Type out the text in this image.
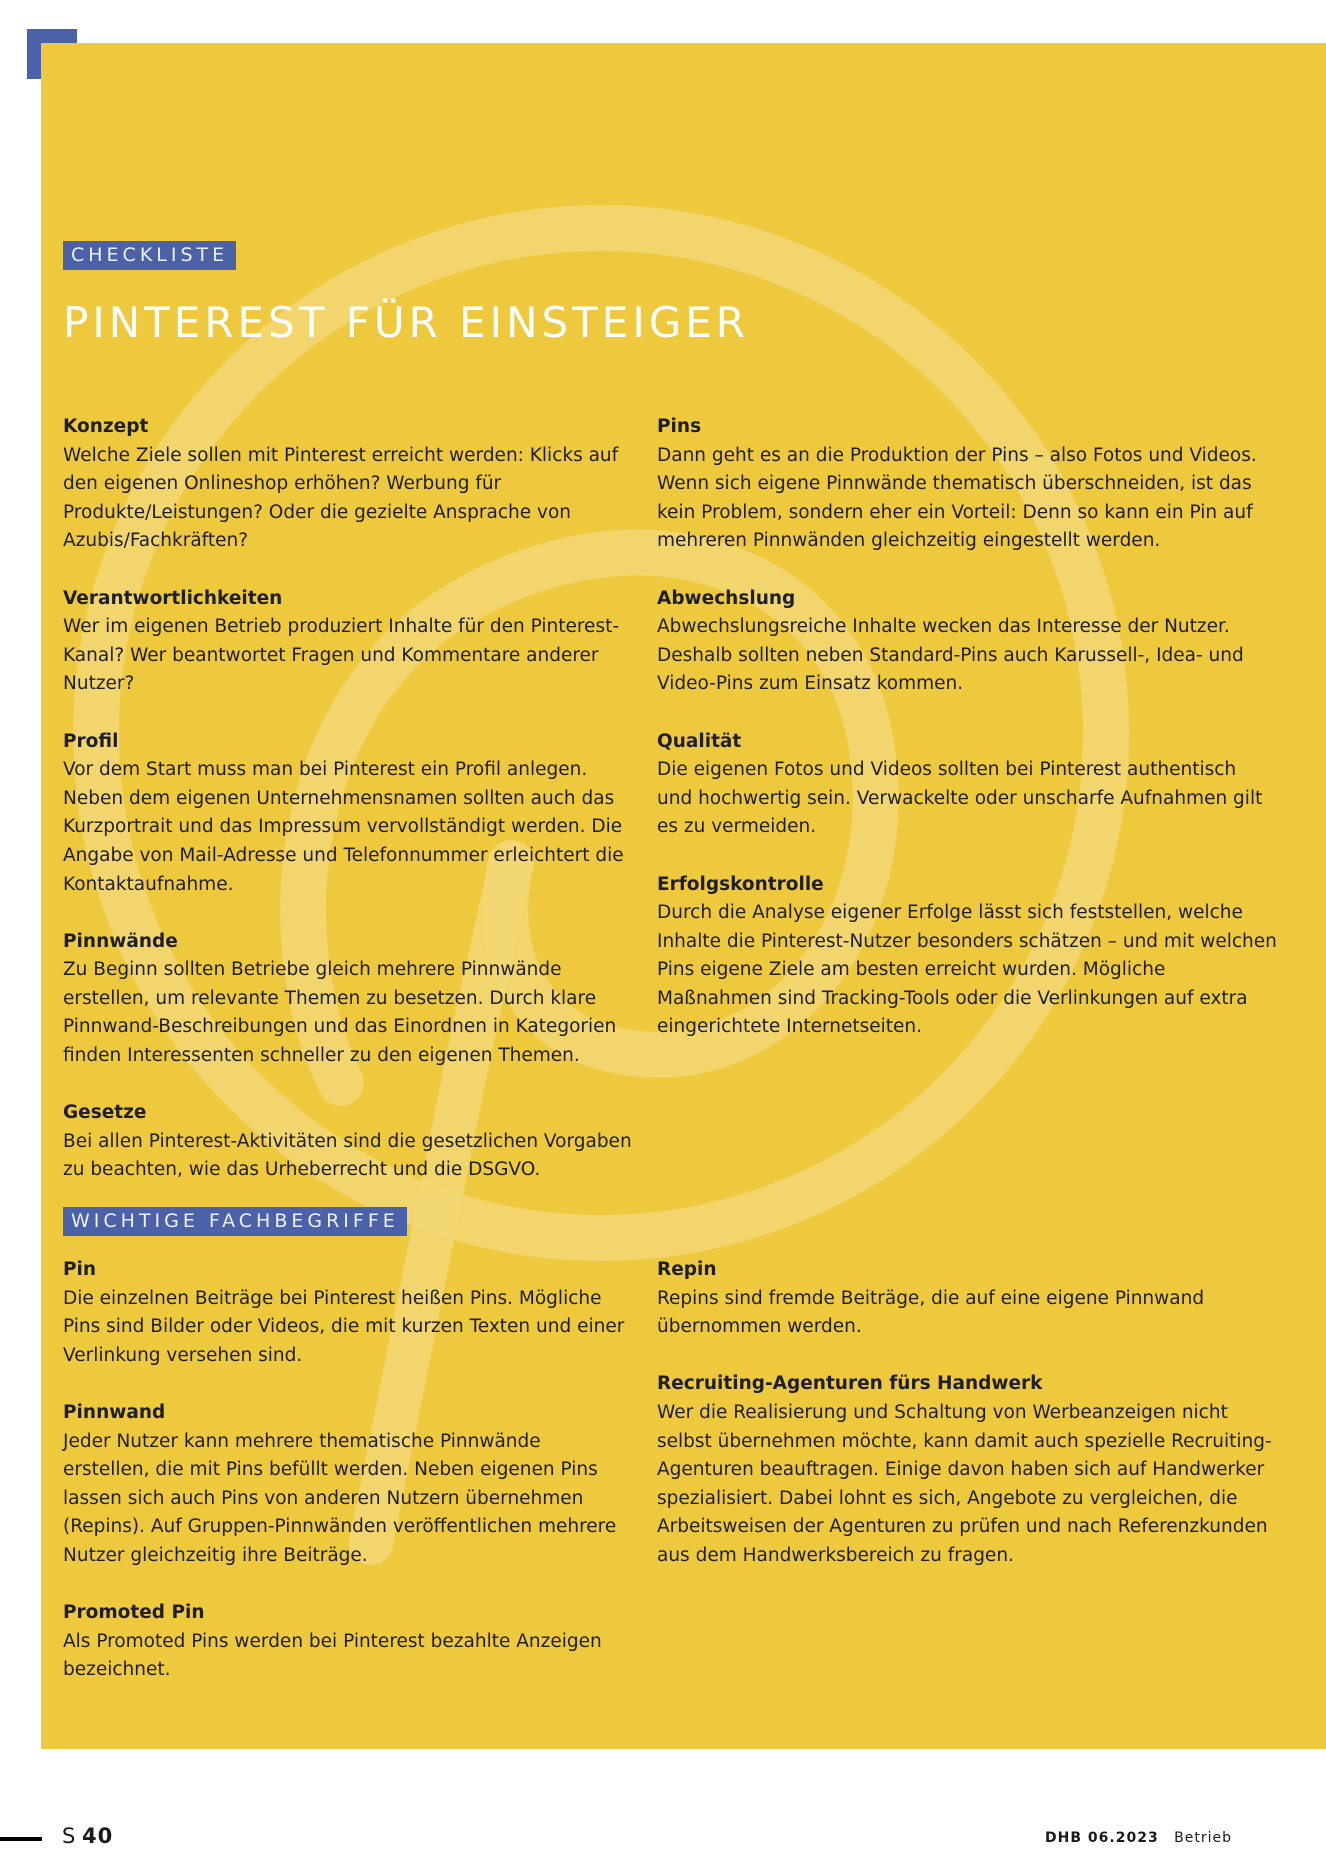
CHECKLISTE
PINTEREST FÜR EINSTEIGER
Konzept
Welche Ziele sollen mit Pinterest erreicht werden: Klicks auf den eigenen Onlineshop erhöhen? Werbung für Produkte/Leistungen? Oder die gezielte Ansprache von Azubis/Fachkräften?
Verantwortlichkeiten
Wer im eigenen Betrieb produziert Inhalte für den Pinterest-Kanal? Wer beantwortet Fragen und Kommentare anderer Nutzer?
Profil
Vor dem Start muss man bei Pinterest ein Profil anlegen. Neben dem eigenen Unternehmensnamen sollten auch das Kurzportrait und das Impressum vervollständigt werden. Die Angabe von Mail-Adresse und Telefonnummer erleichtert die Kontaktaufnahme.
Pinnwände
Zu Beginn sollten Betriebe gleich mehrere Pinnwände erstellen, um relevante Themen zu besetzen. Durch klare Pinnwand-Beschreibungen und das Einordnen in Kategorien finden Interessenten schneller zu den eigenen Themen.
Gesetze
Bei allen Pinterest-Aktivitäten sind die gesetzlichen Vorgaben zu beachten, wie das Urheberrecht und die DSGVO.
Pins
Dann geht es an die Produktion der Pins – also Fotos und Videos. Wenn sich eigene Pinnwände thematisch überschneiden, ist das kein Problem, sondern eher ein Vorteil: Denn so kann ein Pin auf mehreren Pinnwänden gleichzeitig eingestellt werden.
Abwechslung
Abwechslungsreiche Inhalte wecken das Interesse der Nutzer. Deshalb sollten neben Standard-Pins auch Karussell-, Idea- und Video-Pins zum Einsatz kommen.
Qualität
Die eigenen Fotos und Videos sollten bei Pinterest authentisch und hochwertig sein. Verwackelte oder unscharfe Aufnahmen gilt es zu vermeiden.
Erfolgskontrolle
Durch die Analyse eigener Erfolge lässt sich feststellen, welche Inhalte die Pinterest-Nutzer besonders schätzen – und mit welchen Pins eigene Ziele am besten erreicht wurden. Mögliche Maßnahmen sind Tracking-Tools oder die Verlinkungen auf extra eingerichtete Internetseiten.
WICHTIGE FACHBEGRIFFE
Pin
Die einzelnen Beiträge bei Pinterest heißen Pins. Mögliche Pins sind Bilder oder Videos, die mit kurzen Texten und einer Verlinkung versehen sind.
Pinnwand
Jeder Nutzer kann mehrere thematische Pinnwände erstellen, die mit Pins befüllt werden. Neben eigenen Pins lassen sich auch Pins von anderen Nutzern übernehmen (Repins). Auf Gruppen-Pinnwänden veröffentlichen mehrere Nutzer gleichzeitig ihre Beiträge.
Promoted Pin
Als Promoted Pins werden bei Pinterest bezahlte Anzeigen bezeichnet.
Repin
Repins sind fremde Beiträge, die auf eine eigene Pinnwand übernommen werden.
Recruiting-Agenturen fürs Handwerk
Wer die Realisierung und Schaltung von Werbeanzeigen nicht selbst übernehmen möchte, kann damit auch spezielle Recruiting-Agenturen beauftragen. Einige davon haben sich auf Handwerker spezialisiert. Dabei lohnt es sich, Angebote zu vergleichen, die Arbeitsweisen der Agenturen zu prüfen und nach Referenzkunden aus dem Handwerksbereich zu fragen.
S 40	DHB 06.2023 Betrieb
